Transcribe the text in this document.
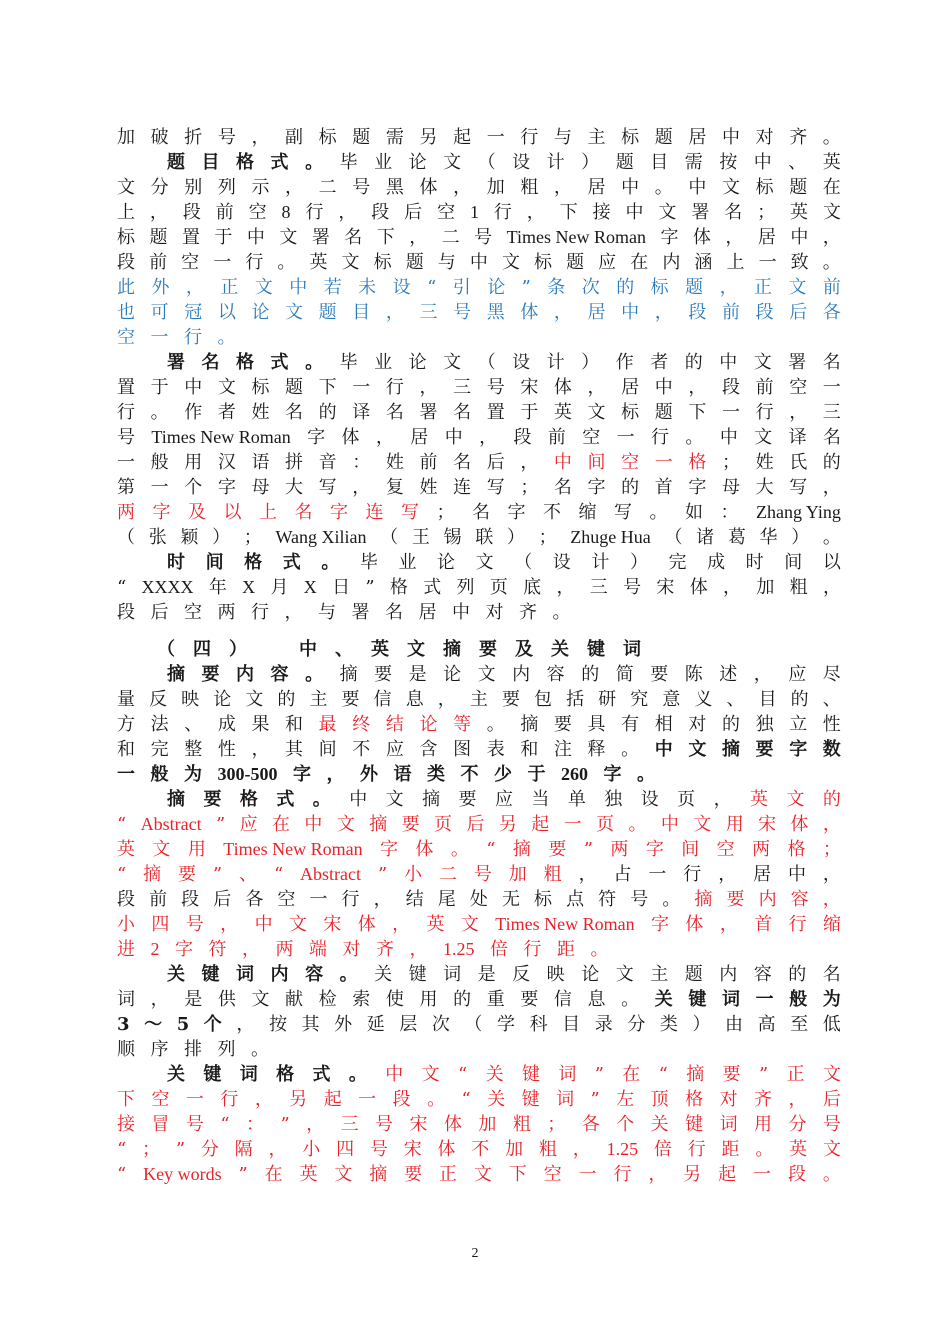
加 破 折 号 ， 副 标 题 需 另 起 一 行 与 主 标 题 居 中 对 齐 。
题 目 格 式 。 毕 业 论 文 （ 设 计 ） 题 目 需 按 中 、 英
文 分 别 列 示 ， 二 号 黑 体 ， 加 粗 ， 居 中 。 中 文 标 题 在
上 ， 段 前 空 8 行 ， 段 后 空 1 行 ， 下 接 中 文 署 名 ； 英 文
标 题 置 于 中 文 署 名 下 ， 二 号 Times New Roman 字 体 ， 居 中 ，
段 前 空 一 行 。 英 文 标 题 与 中 文 标 题 应 在 内 涵 上 一 致 。
此 外 ， 正 文 中 若 未 设 “ 引 论 ” 条 次 的 标 题 ， 正 文 前
也 可 冠 以 论 文 题 目 ， 三 号 黑 体 ， 居 中 ， 段 前 段 后 各
空 一 行 。
署 名 格 式 。 毕 业 论 文 （ 设 计 ） 作 者 的 中 文 署 名
置 于 中 文 标 题 下 一 行 ， 三 号 宋 体 ， 居 中 ， 段 前 空 一
行 。 作 者 姓 名 的 译 名 署 名 置 于 英 文 标 题 下 一 行 ， 三
号 Times New Roman 字 体 ， 居 中 ， 段 前 空 一 行 。 中 文 译 名
一 般 用 汉 语 拼 音 ： 姓 前 名 后 ， 中 间 空 一 格 ； 姓 氏 的
第 一 个 字 母 大 写 ， 复 姓 连 写 ； 名 字 的 首 字 母 大 写 ，
两 字 及 以 上 名 字 连 写 ； 名 字 不 缩 写 。 如 ： Zhang Ying
（ 张 颖 ） ； Wang Xilian （ 王 锡 联 ） ； Zhuge Hua （ 诸 葛 华 ） 。
时 间 格 式 。 毕 业 论 文 （ 设 计 ） 完 成 时 间 以
“ XXXX 年 X 月 X 日 ” 格 式 列 页 底 ， 三 号 宋 体 ， 加 粗 ，
段 后 空 两 行 ， 与 署 名 居 中 对 齐 。
（ 四 ）	中 、 英 文 摘 要 及 关 键 词
摘 要 内 容 。 摘 要 是 论 文 内 容 的 简 要 陈 述 ， 应 尽
量 反 映 论 文 的 主 要 信 息 ， 主 要 包 括 研 究 意 义 、 目 的 、
方 法 、 成 果 和 最 终 结 论 等 。 摘 要 具 有 相 对 的 独 立 性
和 完 整 性 ， 其 间 不 应 含 图 表 和 注 释 。 中 文 摘 要 字 数
一 般 为 300-500 字 ， 外 语 类 不 少 于 260 字 。
摘 要 格 式 。 中 文 摘 要 应 当 单 独 设 页 ， 英 文 的
“ Abstract ” 应 在 中 文 摘 要 页 后 另 起 一 页 。 中 文 用 宋 体 ，
英 文 用 Times New Roman 字 体 。 “ 摘 要 ” 两 字 间 空 两 格 ；
“ 摘 要 ” 、 “ Abstract ” 小 二 号 加 粗 ， 占 一 行 ， 居 中 ，
段 前 段 后 各 空 一 行 ， 结 尾 处 无 标 点 符 号 。 摘 要 内 容 ，
小 四 号 ， 中 文 宋 体 ， 英 文 Times New Roman 字 体 ， 首 行 缩
进 2 字 符 ， 两 端 对 齐 ， 1.25 倍 行 距 。
关 键 词 内 容 。 关 键 词 是 反 映 论 文 主 题 内 容 的 名
词 ， 是 供 文 献 检 索 使 用 的 重 要 信 息 。 关 键 词 一 般 为
3 ～ 5 个 ， 按 其 外 延 层 次 （ 学 科 目 录 分 类 ） 由 高 至 低
顺 序 排 列 。
关 键 词 格 式 。 中 文 “ 关 键 词 ” 在 “ 摘 要 ” 正 文
下 空 一 行 ， 另 起 一 段 。 “ 关 键 词 ” 左 顶 格 对 齐 ， 后
接 冒 号 “ ： ” ， 三 号 宋 体 加 粗 ； 各 个 关 键 词 用 分 号
“ ； ” 分 隔 ， 小 四 号 宋 体 不 加 粗 ， 1.25 倍 行 距 。 英 文
“ Key words ” 在 英 文 摘 要 正 文 下 空 一 行 ， 另 起 一 段 。
2
